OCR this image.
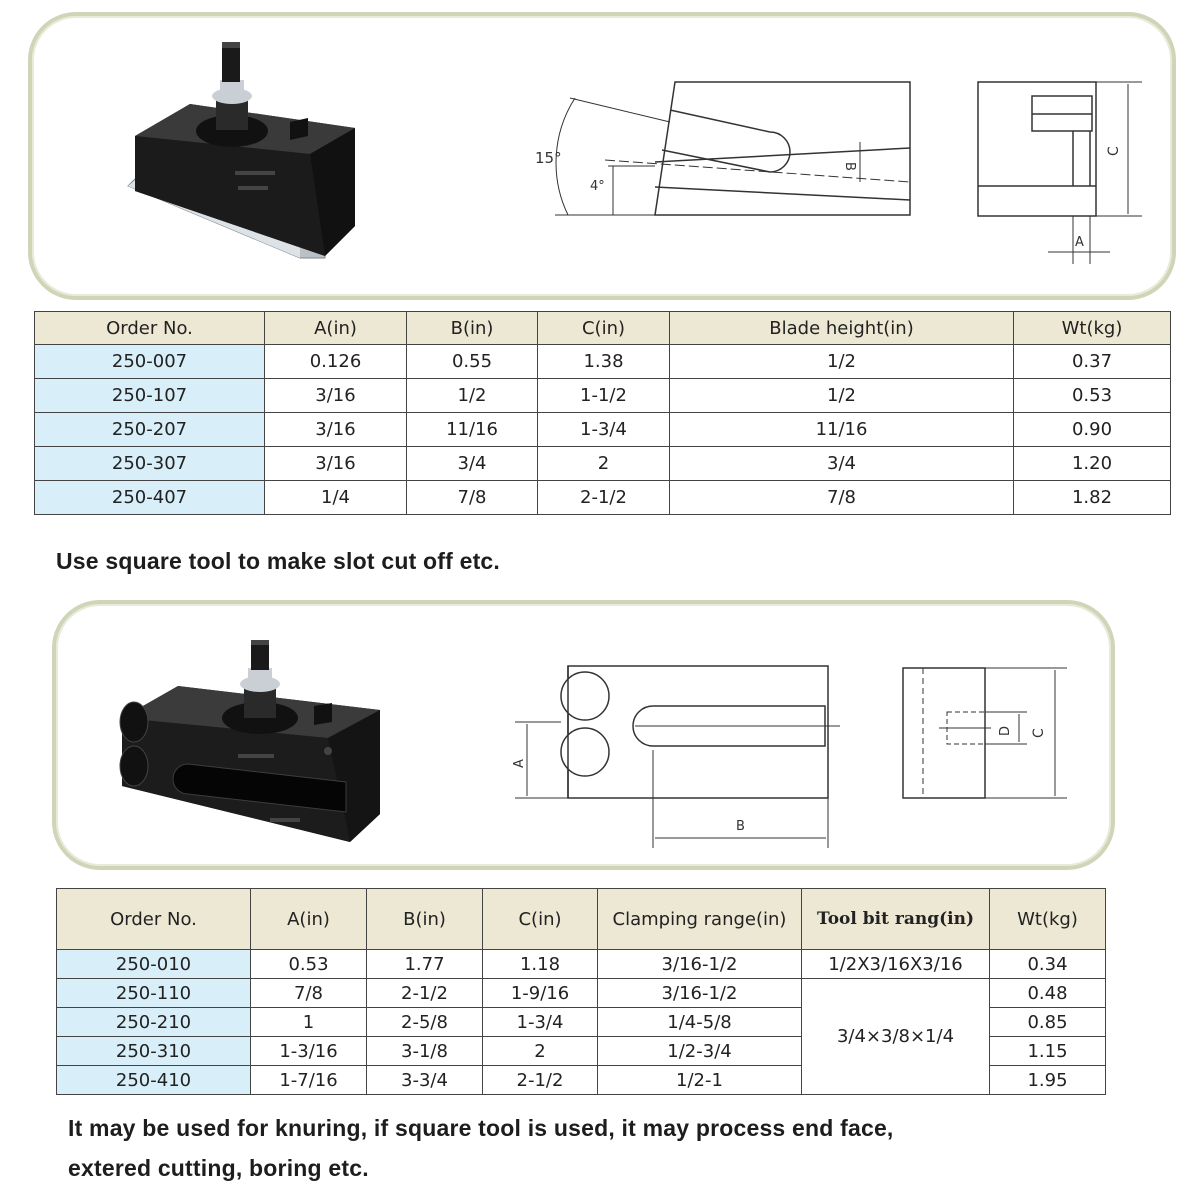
15°
4°
B
C
A
Order No.	A(in)	B(in)	C(in)	Blade height(in)	Wt(kg)
250-007	0.126	0.55	1.38	1/2	0.37
250-107	3/16	1/2	1-1/2	1/2	0.53
250-207	3/16	11/16	1-3/4	11/16	0.90
250-307	3/16	3/4	2	3/4	1.20
250-407	1/4	7/8	2-1/2	7/8	1.82
Use square tool to make slot cut off etc.
A
B
D C
Order No.	A(in)	B(in)	C(in)	Clamping range(in)	Tool bit rang(in)	Wt(kg)
250-010	0.53	1.77	1.18	3/16-1/2	1/2X3/16X3/16	0.34
250-110	7/8	2-1/2	1-9/16	3/16-1/2	3/4×3/8×1/4	0.48
250-210	1	2-5/8	1-3/4	1/4-5/8		0.85
250-310	1-3/16	3-1/8	2	1/2-3/4		1.15
250-410	1-7/16	3-3/4	2-1/2	1/2-1		1.95
It may be used for knuring, if square tool is used, it may process end face,
extered cutting, boring etc.
